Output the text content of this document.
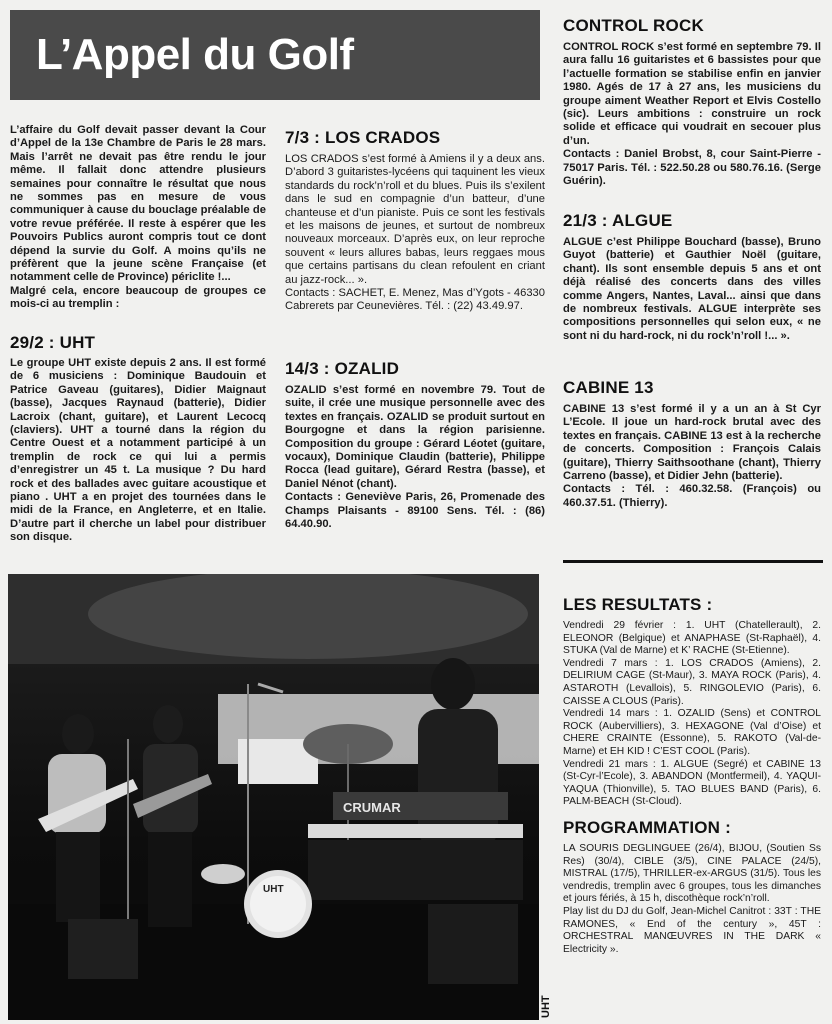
L’Appel du Golf

L’affaire du Golf devait passer devant la Cour d’Appel de la 13e Chambre de Paris le 28 mars. Mais l’arrêt ne devait pas être rendu le jour même. Il fallait donc attendre plusieurs semaines pour connaître le résultat que nous ne sommes pas en mesure de vous communiquer à cause du bouclage préalable de votre revue préférée. Il reste à espérer que les Pouvoirs Publics auront compris tout ce dont dépend la survie du Golf. A moins qu’ils ne préfèrent que la jeune scène Française (et notamment celle de Province) périclite !...

Malgré cela, encore beaucoup de groupes ce mois-ci au tremplin :

29/2 : UHT
Le groupe UHT existe depuis 2 ans. Il est formé de 6 musiciens : Dominique Baudouin et Patrice Gaveau (guitares), Didier Maignaut (basse), Jacques Raynaud (batterie), Didier Lacroix (chant, guitare), et Laurent Lecocq (claviers). UHT a tourné dans la région du Centre Ouest et a notamment participé à un tremplin de rock ce qui lui a permis d’enregistrer un 45 t. La musique ? Du hard rock et des ballades avec guitare acoustique et piano . UHT a en projet des tournées dans le midi de la France, en Angleterre, et en Italie. D’autre part il cherche un label pour distribuer son disque.
7/3 : LOS CRADOS

LOS CRADOS s’est formé à Amiens il y a deux ans. D’abord 3 guitaristes-lycéens qui taquinent les vieux standards du rock’n’roll et du blues. Puis ils s’exilent dans le sud en compagnie d’un batteur, d’une chanteuse et d’un pianiste. Puis ce sont les festivals et les maisons de jeunes, et surtout de nombreux nouveaux morceaux. D’après eux, on leur reproche souvent « leurs allures babas, leurs reggaes mous que certains partisans du clean refoulent en criant au jazz-rock... ».

Contacts : SACHET, E. Menez, Mas d’Ygots - 46330 Cabrerets par Ceunevières. Tél. : (22) 43.49.97.

14/3 : OZALID

OZALID s’est formé en novembre 79. Tout de suite, il crée une musique personnelle avec des textes en français. OZALID se produit surtout en Bourgogne et dans la région parisienne. Composition du groupe : Gérard Léotet (guitare, vocaux), Dominique Claudin (batterie), Philippe Rocca (lead guitare), Gérard Restra (basse), et Daniel Nénot (chant).

Contacts : Geneviève Paris, 26, Promenade des Champs Plaisants - 89100 Sens. Tél. : (86) 64.40.90.

CONTROL ROCK

CONTROL ROCK s’est formé en septembre 79. Il aura fallu 16 guitaristes et 6 bassistes pour que l’actuelle formation se stabilise enfin en janvier 1980. Agés de 17 à 27 ans, les musiciens du groupe aiment Weather Report et Elvis Costello (sic). Leurs ambitions : construire un rock solide et efficace qui voudrait en secouer plus d’un.

Contacts : Daniel Brobst, 8, cour Saint-Pierre - 75017 Paris. Tél. : 522.50.28 ou 580.76.16. (Serge Guérin).

21/3 : ALGUE
ALGUE c’est Philippe Bouchard (basse), Bruno Guyot (batterie) et Gauthier Noël (guitare, chant). Ils sont ensemble depuis 5 ans et ont déjà réalisé des concerts dans des villes comme Angers, Nantes, Laval... ainsi que dans de nombreux festivals. ALGUE interprète ses compositions personnelles qui selon eux, « ne sont ni du hard-rock, ni du rock’n’roll !... ».
CABINE 13

CABINE 13 s’est formé il y a un an à St Cyr L’Ecole. Il joue un hard-rock brutal avec des textes en français. CABINE 13 est à la recherche de concerts. Composition : François Calais (guitare), Thierry Saithsoothane (chant), Thierry Carreno (basse), et Didier Jehn (batterie).

Contacts : Tél. : 460.32.58. (François) ou 460.37.51. (Thierry).

LES RESULTATS :

Vendredi 29 février : 1. UHT (Chatellerault), 2. ELEONOR (Belgique) et ANAPHASE (St-Raphaël), 4. STUKA (Val de Marne) et K’ RACHE (St-Etienne).

Vendredi 7 mars : 1. LOS CRADOS (Amiens), 2. DELIRIUM CAGE (St-Maur), 3. MAYA ROCK (Paris), 4. ASTAROTH (Levallois), 5. RINGOLEVIO (Paris), 6. CAISSE A CLOUS (Paris).

Vendredi 14 mars : 1. OZALID (Sens) et CONTROL ROCK (Aubervilliers), 3. HEXAGONE (Val d’Oise) et CHERE CRAINTE (Essonne), 5. RAKOTO (Val-de-Marne) et EH KID ! C’EST COOL (Paris).

Vendredi 21 mars : 1. ALGUE (Segré) et CABINE 13 (St-Cyr-l’Ecole), 3. ABANDON (Montfermeil), 4. YAQUI-YAQUA (Thionville), 5. TAO BLUES BAND (Paris), 6. PALM-BEACH (St-Cloud).

PROGRAMMATION :

LA SOURIS DEGLINGUEE (26/4), BIJOU, (Soutien Ss Res) (30/4), CIBLE (3/5), CINE PALACE (24/5), MISTRAL (17/5), THRILLER-ex-ARGUS (31/5). Tous les vendredis, tremplin avec 6 groupes, tous les dimanches et jours fériés, à 15 h, discothèque rock’n’roll.

Play list du DJ du Golf, Jean-Michel Canitrot : 33T : THE RAMONES, « End of the century », 45T : ORCHESTRAL MANŒUVRES IN THE DARK « Electricity ».

CRUMAR
UHT
UHT
